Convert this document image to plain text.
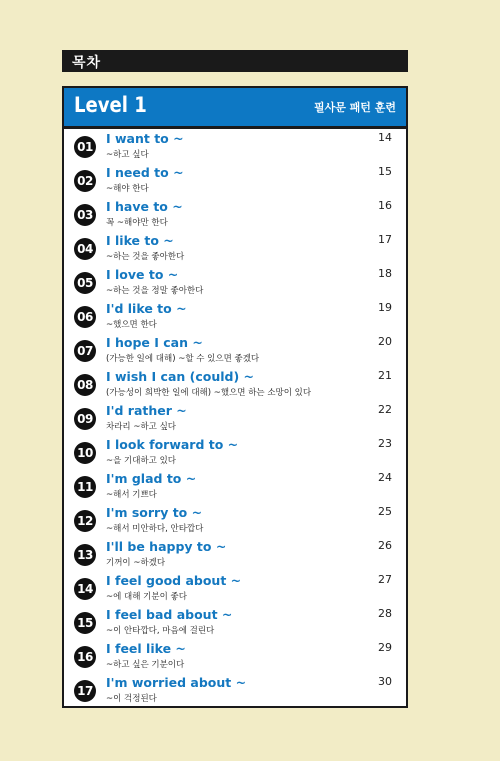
목차
Level 1	필사문 패턴 훈련
01
I want to ~
~하고 싶다
14
02
I need to ~
~해야 한다
15
03
I have to ~
꼭 ~해야만 한다
16
04
I like to ~
~하는 것을 좋아한다
17
05
I love to ~
~하는 것을 정말 좋아한다
18
06
I'd like to ~
~했으면 한다
19
07
I hope I can ~
(가능한 일에 대해) ~할 수 있으면 좋겠다
20
08
I wish I can (could) ~
(가능성이 희박한 일에 대해) ~했으면 하는 소망이 있다
21
09
I'd rather ~
차라리 ~하고 싶다
22
10
I look forward to ~
~을 기대하고 있다
23
11
I'm glad to ~
~해서 기쁘다
24
12
I'm sorry to ~
~해서 미안하다, 안타깝다
25
13
I'll be happy to ~
기꺼이 ~하겠다
26
14
I feel good about ~
~에 대해 기분이 좋다
27
15
I feel bad about ~
~이 안타깝다, 마음에 걸린다
28
16
I feel like ~
~하고 싶은 기분이다
29
17
I'm worried about ~
~이 걱정된다
30
